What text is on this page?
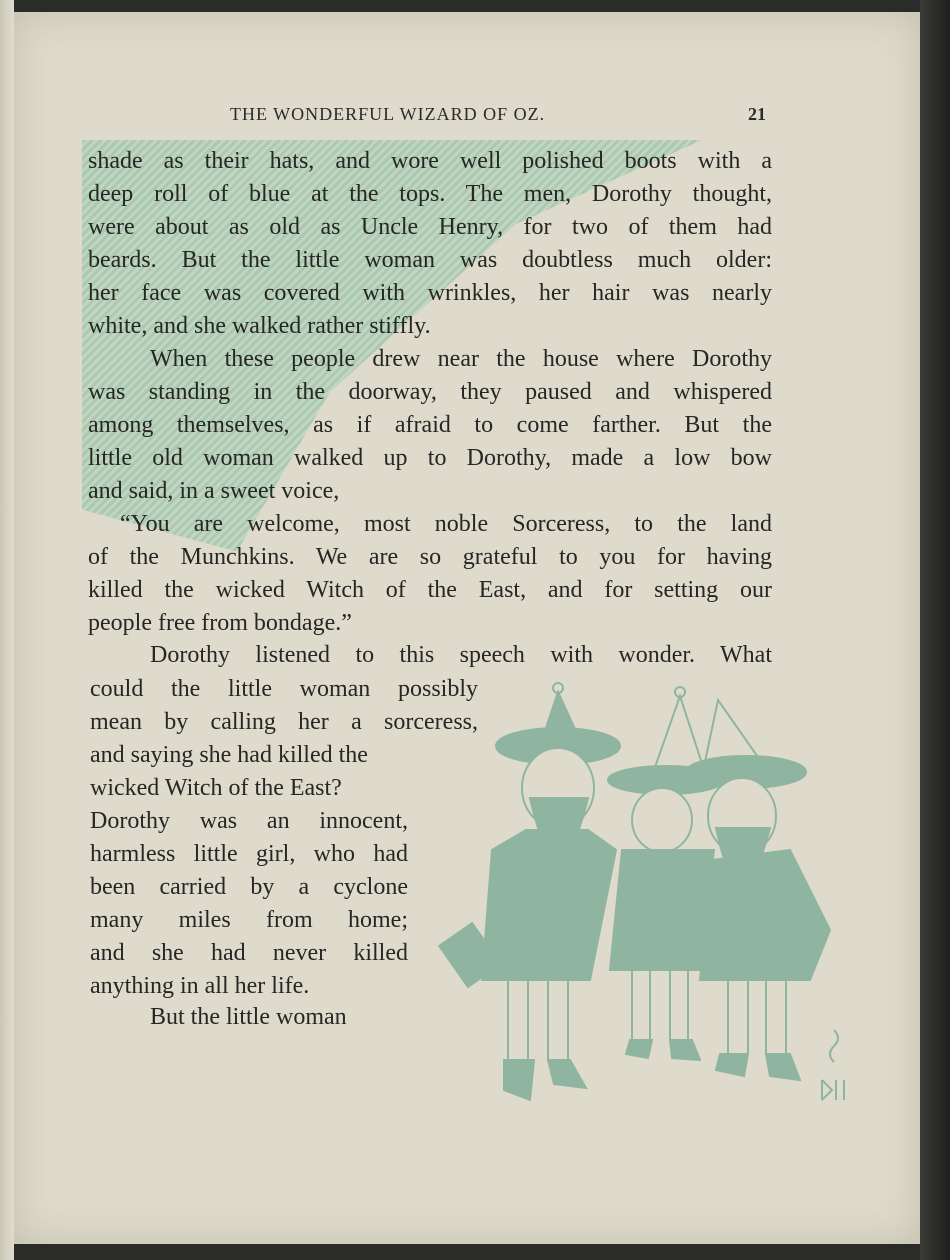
THE WONDERFUL WIZARD OF OZ.	21
shade as their hats, and wore well polished boots with a
deep roll of blue at the tops. The men, Dorothy thought,
were about as old as Uncle Henry, for two of them had
beards. But the little woman was doubtless much older:
her face was covered with wrinkles, her hair was nearly
white, and she walked rather stiffly.
When these people drew near the house where Dorothy
was standing in the doorway, they paused and whispered
among themselves, as if afraid to come farther. But the
little old woman walked up to Dorothy, made a low bow
and said, in a sweet voice,
“You are welcome, most noble Sorceress, to the land
of the Munchkins. We are so grateful to you for having
killed the wicked Witch of the East, and for setting our
people free from bondage.”
Dorothy listened to this speech with wonder. What
could the little woman possibly
mean by calling her a sorceress,
and saying she had killed the
wicked Witch of the East?
Dorothy was an innocent,
harmless little girl, who had
been carried by a cyclone
many miles from home;
and she had never killed
anything in all her life.
But the little woman
